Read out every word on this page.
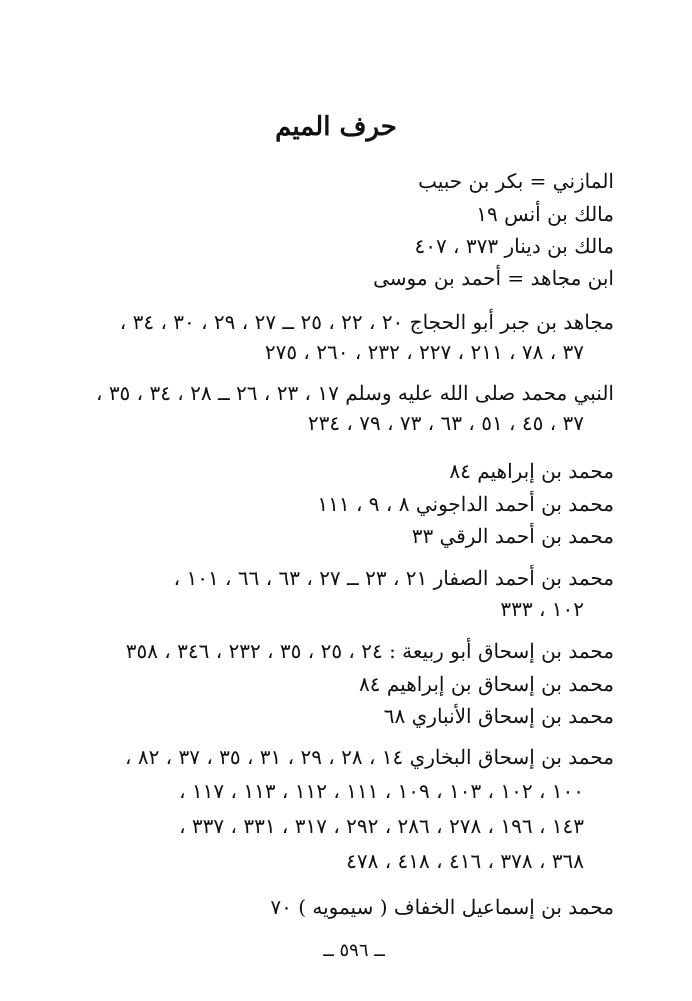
حرف الميم
المازني = بكر بن حبيب
مالك بن أنس ١٩
مالك بن دينار ٣٧٣ ، ٤٠٧
ابن مجاهد = أحمد بن موسى
مجاهد بن جبر أبو الحجاج ٢٠ ، ٢٢ ، ٢٥ ــ ٢٧ ، ٢٩ ، ٣٠ ، ٣٤ ،
٣٧ ، ٧٨ ، ٢١١ ، ٢٢٧ ، ٢٣٢ ، ٢٦٠ ، ٢٧٥
النبي محمد صلى الله عليه وسلم ١٧ ، ٢٣ ، ٢٦ ــ ٢٨ ، ٣٤ ، ٣٥ ،
٣٧ ، ٤٥ ، ٥١ ، ٦٣ ، ٧٣ ، ٧٩ ، ٢٣٤
محمد بن إبراهيم ٨٤
محمد بن أحمد الداجوني ٨ ، ٩ ، ١١١
محمد بن أحمد الرقي ٣٣
محمد بن أحمد الصفار ٢١ ، ٢٣ ــ ٢٧ ، ٦٣ ، ٦٦ ، ١٠١ ،
١٠٢ ، ٣٣٣
محمد بن إسحاق أبو ربيعة : ٢٤ ، ٢٥ ، ٣٥ ، ٢٣٢ ، ٣٤٦ ، ٣٥٨
محمد بن إسحاق بن إبراهيم ٨٤
محمد بن إسحاق الأنباري ٦٨
محمد بن إسحاق البخاري ١٤ ، ٢٨ ، ٢٩ ، ٣١ ، ٣٥ ، ٣٧ ، ٨٢ ،
١٠٠ ، ١٠٢ ، ١٠٣ ، ١٠٩ ، ١١١ ، ١١٢ ، ١١٣ ، ١١٧ ،
١٤٣ ، ١٩٦ ، ٢٧٨ ، ٢٨٦ ، ٢٩٢ ، ٣١٧ ، ٣٣١ ، ٣٣٧ ،
٣٦٨ ، ٣٧٨ ، ٤١٦ ، ٤١٨ ، ٤٧٨
محمد بن إسماعيل الخفاف ( سيمويه ) ٧٠
ــ ٥٩٦ ــ
